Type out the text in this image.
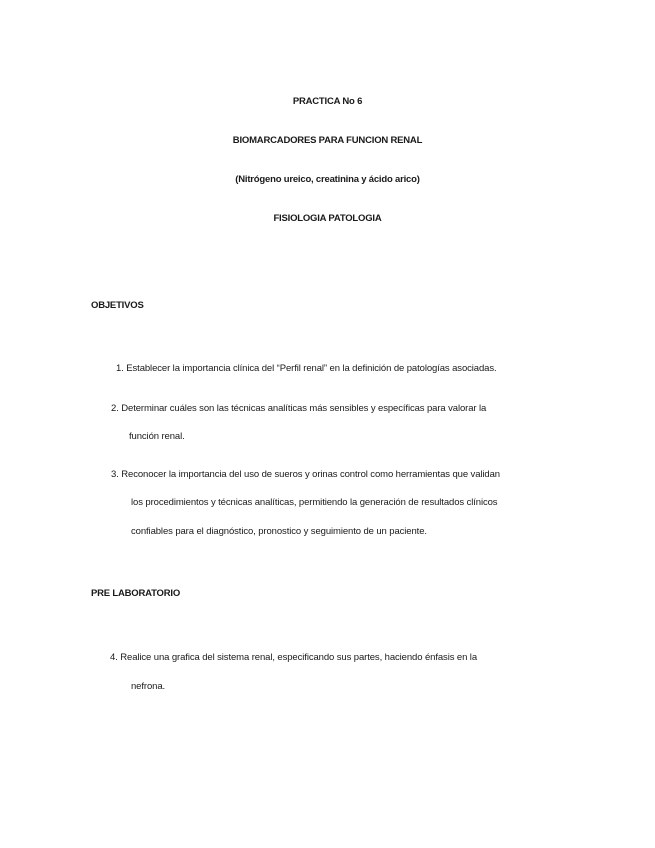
PRACTICA No 6
BIOMARCADORES PARA FUNCION RENAL
(Nitrógeno ureico, creatinina y ácido arico)
FISIOLOGIA PATOLOGIA
OBJETIVOS
1. Establecer la importancia clínica del “Perfil renal” en la definición de patologías asociadas.
2. Determinar cuáles son las técnicas analíticas más sensibles y específicas para valorar la
función renal.
3. Reconocer la importancia del uso de sueros y orinas control como herramientas que validan
los procedimientos y técnicas analíticas, permitiendo la generación de resultados clínicos
confiables para el diagnóstico, pronostico y seguimiento de un paciente.
PRE LABORATORIO
4. Realice una grafica del sistema renal, especificando sus partes, haciendo énfasis en la
nefrona.
